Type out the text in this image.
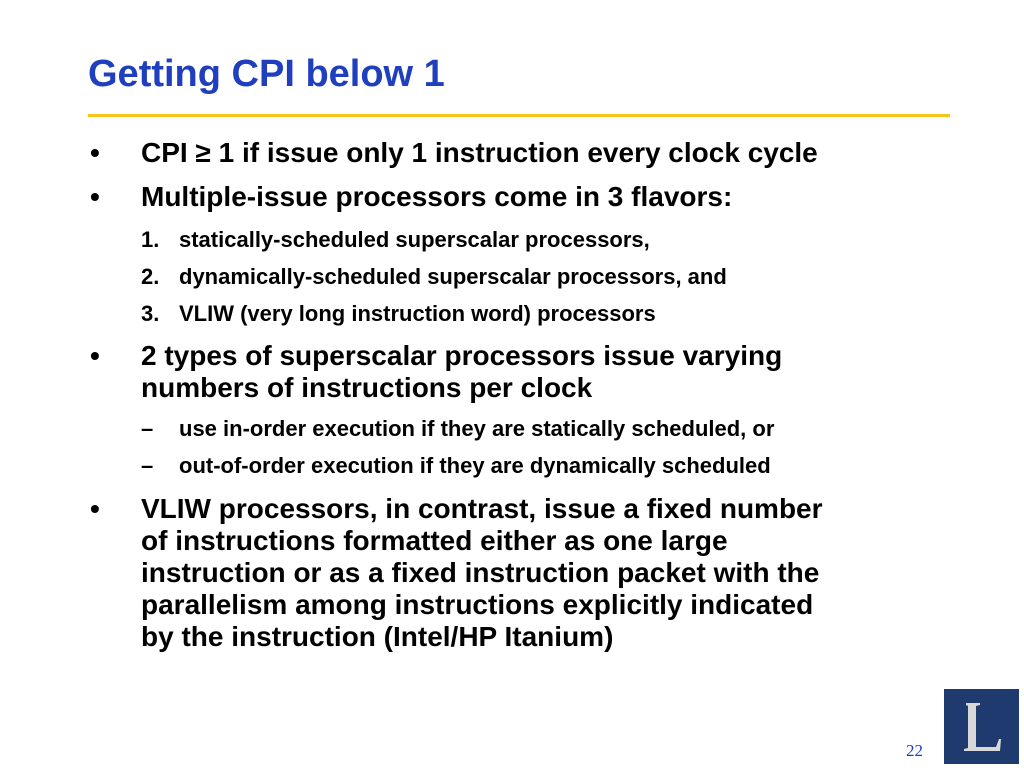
Getting CPI below 1
• CPI ≥ 1 if issue only 1 instruction every clock cycle
• Multiple-issue processors come in 3 flavors:
1. statically-scheduled superscalar processors,
2. dynamically-scheduled superscalar processors, and
3. VLIW (very long instruction word) processors
• 2 types of superscalar processors issue varying
numbers of instructions per clock
– use in-order execution if they are statically scheduled, or
– out-of-order execution if they are dynamically scheduled
• VLIW processors, in contrast, issue a fixed number
of instructions formatted either as one large
instruction or as a fixed instruction packet with the
parallelism among instructions explicitly indicated
by the instruction (Intel/HP Itanium)
22
